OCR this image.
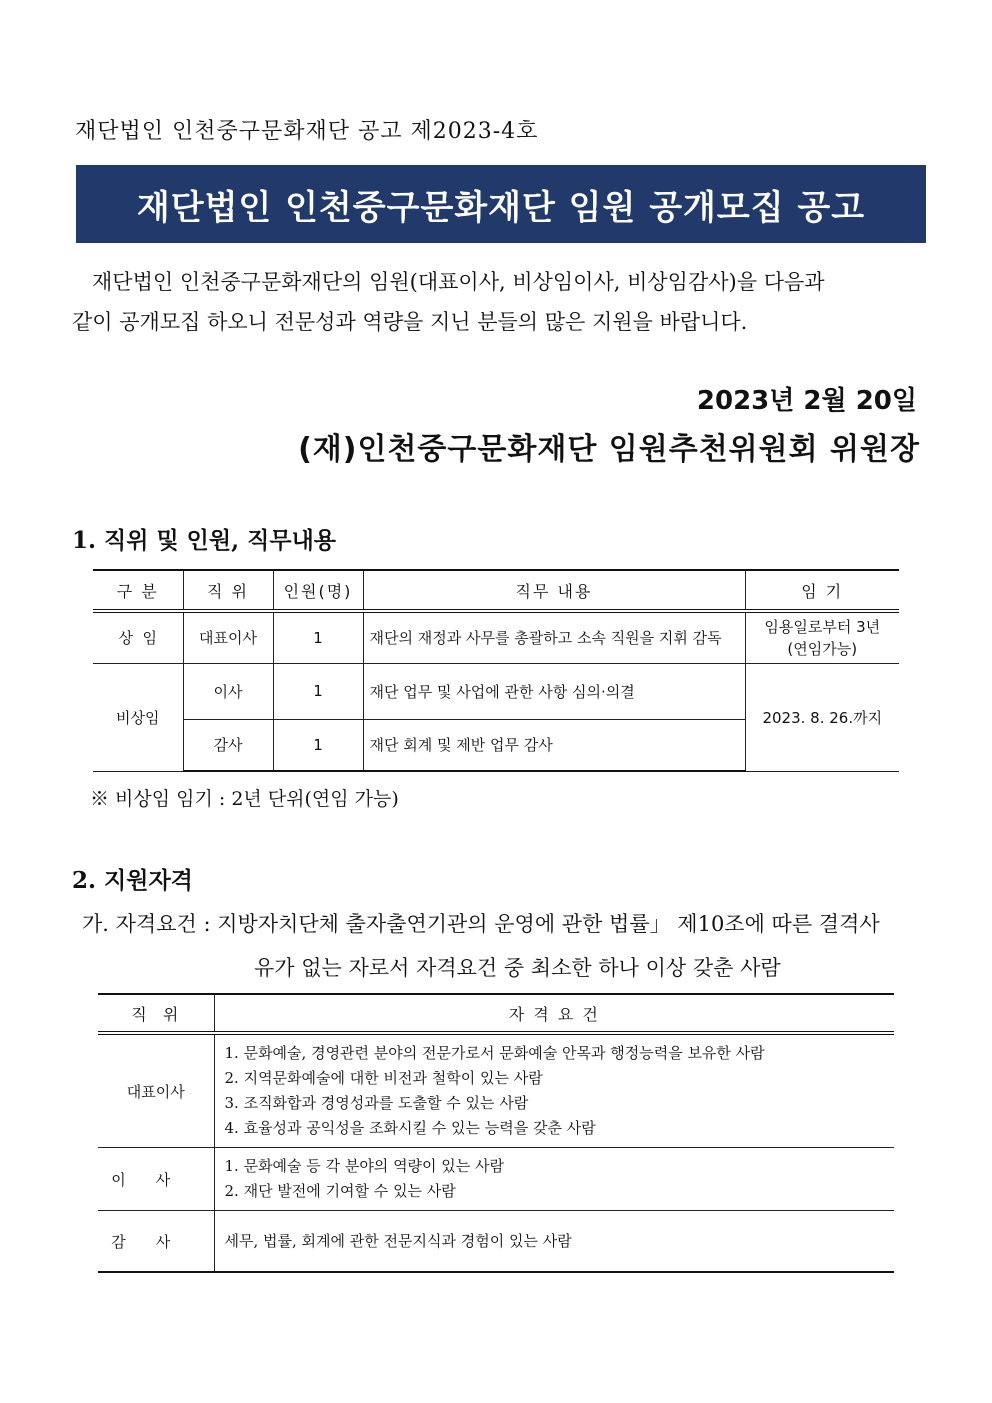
재단법인 인천중구문화재단 공고 제2023-4호
재단법인 인천중구문화재단 임원 공개모집 공고
재단법인 인천중구문화재단의 임원(대표이사, 비상임이사, 비상임감사)을 다음과
같이 공개모집 하오니 전문성과 역량을 지닌 분들의 많은 지원을 바랍니다.
2023년 2월 20일
(재)인천중구문화재단 임원추천위원회 위원장
1. 직위 및 인원, 직무내용
구 분	직 위	인원(명)	직무 내용	임 기
상  임	대표이사	1	재단의 재정과 사무를 총괄하고 소속 직원을 지휘 감독	임용일로부터 3년
(연임가능)

비상임	이사	1	재단 업무 및 사업에 관한 사항 심의·의결	2023. 8. 26.까지
	감사	1	재단 회계 및 제반 업무 감사	
※ 비상임 임기 : 2년 단위(연임 가능)
2. 지원자격
가. 자격요건 : 지방자치단체 출자출연기관의 운영에 관한 법률」 제10조에 따른 결격사
유가 없는 자로서 자격요건 중 최소한 하나 이상 갖춘 사람
직  위	자 격 요 건
대표이사	1. 문화예술, 경영관련 분야의 전문가로서 문화예술 안목과 행정능력을 보유한 사람
2. 지역문화예술에 대한 비전과 철학이 있는 사람
3. 조직화합과 경영성과를 도출할 수 있는 사람
4. 효율성과 공익성을 조화시킬 수 있는 능력을 갖춘 사람

이사	1. 문화예술 등 각 분야의 역량이 있는 사람
2. 재단 발전에 기여할 수 있는 사람

감사	세무, 법률, 회계에 관한 전문지식과 경험이 있는 사람
